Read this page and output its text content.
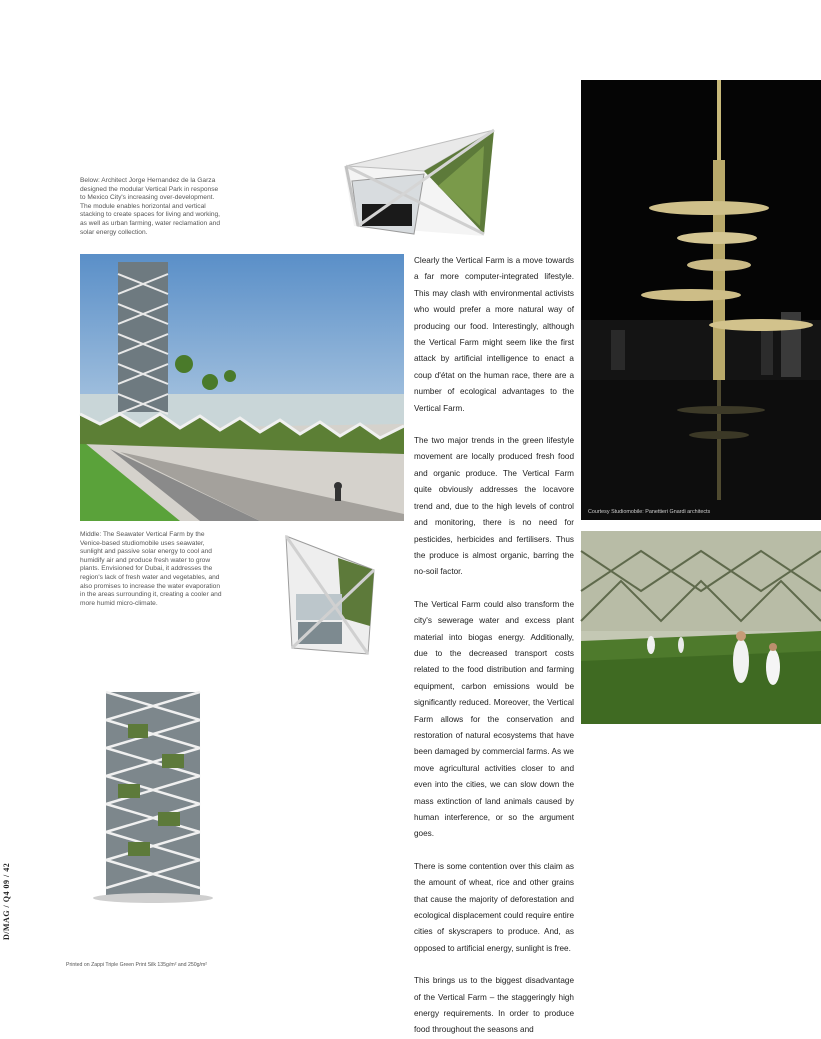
Below: Architect Jorge Hernandez de la Garza designed the modular Vertical Park in response to Mexico City's increasing over-development. The module enables horizontal and vertical stacking to create spaces for living and working, as well as urban farming, water reclamation and solar energy collection.
Courtesy Studiomobile: Panettieri Gnardi architects

Clearly the Vertical Farm is a move towards a far more computer-integrated lifestyle. This may clash with environmental activists who would prefer a more natural way of producing our food. Interestingly, although the Vertical Farm might seem like the first attack by artificial intelligence to enact a coup d'état on the human race, there are a number of ecological advantages to the Vertical Farm.

The two major trends in the green lifestyle movement are locally produced fresh food and organic produce. The Vertical Farm quite obviously addresses the locavore trend and, due to the high levels of control and monitoring, there is no need for pesticides, herbicides and fertilisers. Thus the produce is almost organic, barring the no-soil factor.

The Vertical Farm could also transform the city's sewerage water and excess plant material into biogas energy. Additionally, due to the decreased transport costs related to the food distribution and farming equipment, carbon emissions would be significantly reduced. Moreover, the Vertical Farm allows for the conservation and restoration of natural ecosystems that have been damaged by commercial farms. As we move agricultural activities closer to and even into the cities, we can slow down the mass extinction of land animals caused by human interference, or so the argument goes.

There is some contention over this claim as the amount of wheat, rice and other grains that cause the majority of deforestation and ecological displacement could require entire cities of skyscrapers to produce. And, as opposed to artificial energy, sunlight is free.

This brings us to the biggest disadvantage of the Vertical Farm – the staggeringly high energy requirements. In order to produce food throughout the seasons and

Middle: The Seawater Vertical Farm by the Venice-based studiomobile uses seawater, sunlight and passive solar energy to cool and humidify air and produce fresh water to grow plants. Envisioned for Dubai, it addresses the region's lack of fresh water and vegetables, and also promises to increase the water evaporation in the areas surrounding it, creating a cooler and more humid micro-climate.
D/MAG / Q4 09 / 42
Printed on Zappi Triple Green Print Silk 135g/m² and 250g/m²
